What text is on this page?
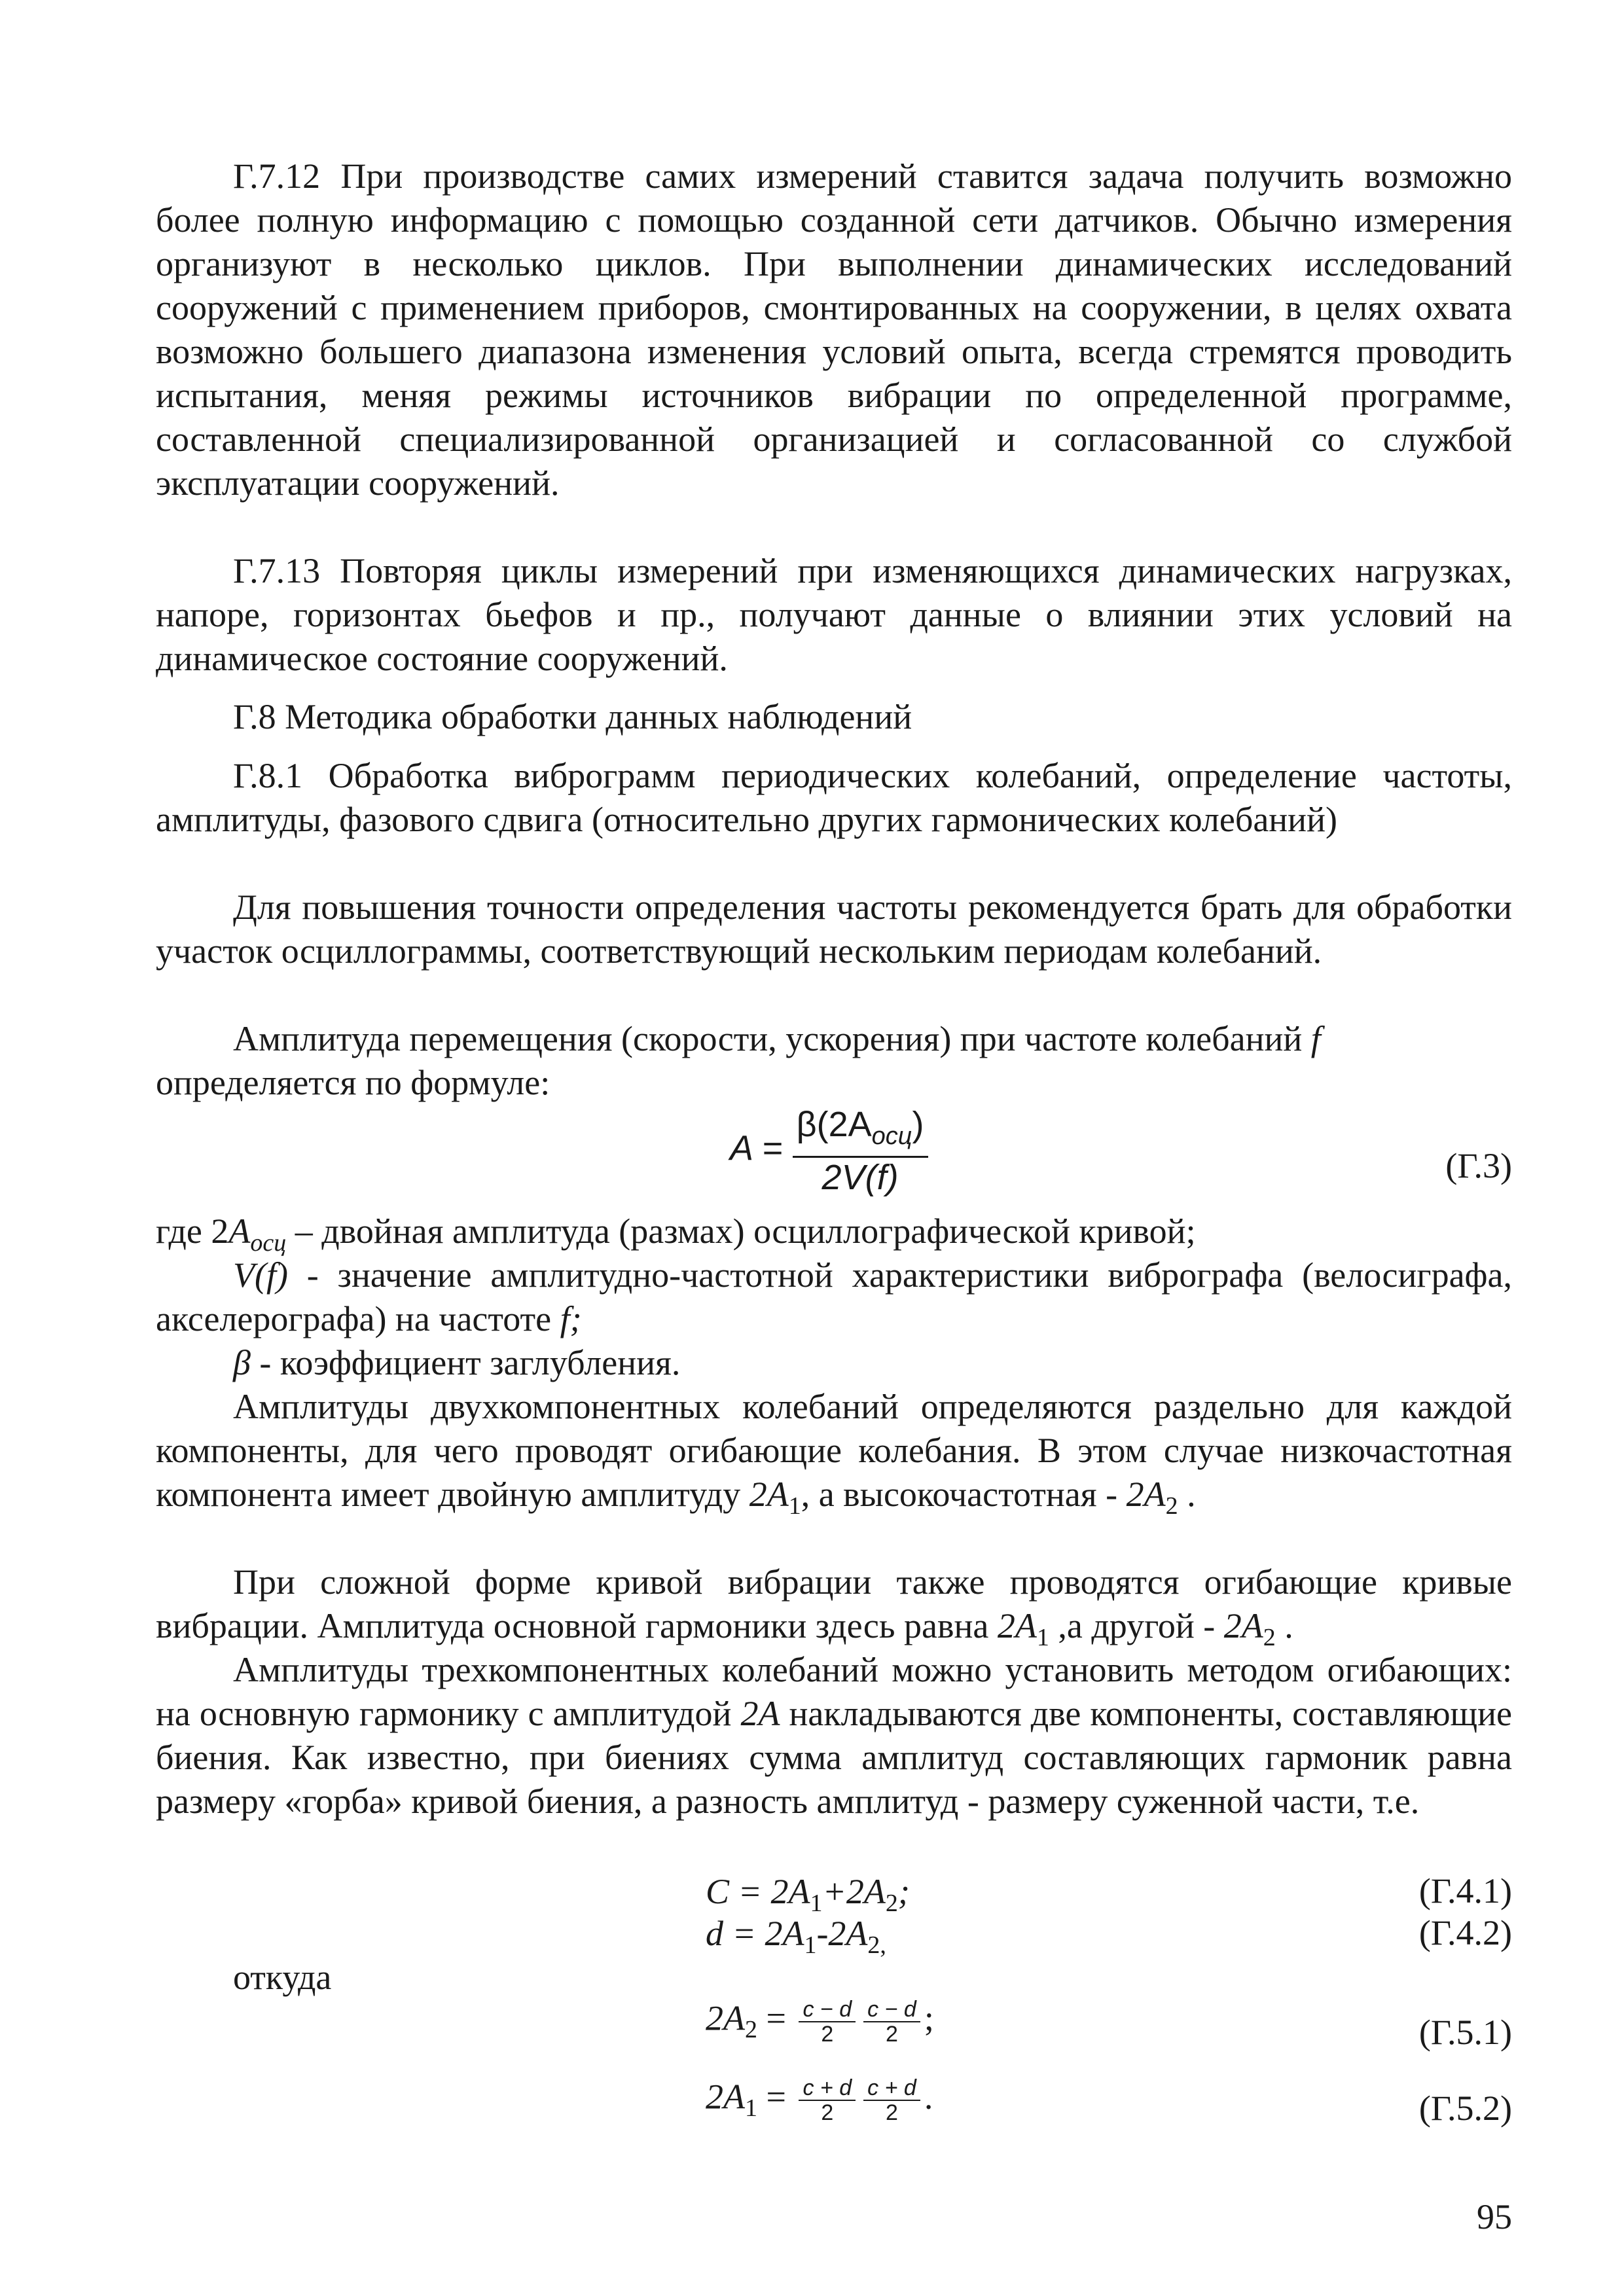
Г.7.12 При производстве самих измерений ставится задача получить возможно более полную информацию с помощью созданной сети датчиков. Обычно измерения организуют в несколько циклов. При выполнении динамических исследований сооружений с применением приборов, смонтированных на сооружении, в целях охвата возможно большего диапазона изменения условий опыта, всегда стремятся проводить испытания, меняя режимы источников вибрации по определенной программе, составленной специализированной организацией и согласованной со службой эксплуатации сооружений.

Г.7.13 Повторяя циклы измерений при изменяющихся динамических нагрузках, напоре, горизонтах бьефов и пр., получают данные о влиянии этих условий на динамическое состояние сооружений.

Г.8 Методика обработки данных наблюдений

Г.8.1 Обработка виброграмм периодических колебаний, определение частоты, амплитуды, фазового сдвига (относительно других гармонических колебаний)

Для повышения точности определения частоты рекомендуется брать для обработки участок осциллограммы, соответствующий нескольким периодам колебаний.

Амплитуда перемещения (скорости, ускорения) при частоте колебаний f

определяется по формуле:

$A = \frac{\beta(2A_{осц})}{2V(f)}$	(Г.3)

где $2A_{осц}$ – двойная амплитуда (размах) осциллографической кривой;

V(f) - значение амплитудно-частотной характеристики вибрографа (велосиграфа, акселерографа) на частоте f;

β - коэффициент заглубления.

Амплитуды двухкомпонентных колебаний определяются раздельно для каждой компоненты, для чего проводят огибающие колебания. В этом случае низкочастотная компонента имеет двойную амплитуду $2A_1$, а высокочастотная - $2A_2$ .

При сложной форме кривой вибрации также проводятся огибающие кривые вибрации. Амплитуда основной гармоники здесь равна $2A_1$ ,а другой - $2A_2$ .

Амплитуды трехкомпонентных колебаний можно установить методом огибающих: на основную гармонику с амплитудой 2A накладываются две компоненты, составляющие биения. Как известно, при биениях сумма амплитуд составляющих гармоник равна размеру «горба» кривой биения, а разность амплитуд - размеру суженной части, т.е.

$C = 2A_1+2A_2$;	(Г.4.1)
$d = 2A_1-2A_{2,}$	(Г.4.2)

откуда

$2A_2 = \frac{c - d}{2} \frac{c - d}{2}$ ;	(Г.5.1)
$2A_1 = \frac{c + d}{2} \frac{c + d}{2}$ .	(Г.5.2)
95
